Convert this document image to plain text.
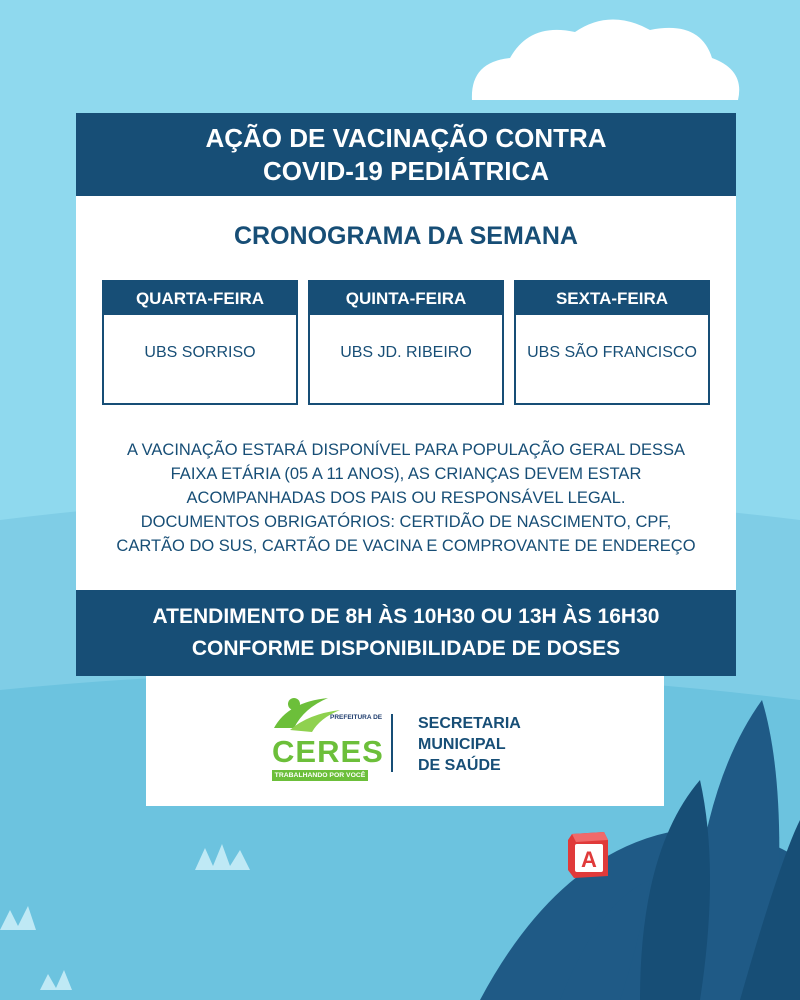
AÇÃO DE VACINAÇÃO CONTRA
COVID-19 PEDIÁTRICA
CRONOGRAMA DA SEMANA
QUARTA-FEIRA
UBS SORRISO
QUINTA-FEIRA
UBS JD. RIBEIRO
SEXTA-FEIRA
UBS SÃO FRANCISCO
A VACINAÇÃO ESTARÁ DISPONÍVEL PARA POPULAÇÃO GERAL DESSA
FAIXA ETÁRIA (05 A 11 ANOS), AS CRIANÇAS DEVEM ESTAR
ACOMPANHADAS DOS PAIS OU RESPONSÁVEL LEGAL.
DOCUMENTOS OBRIGATÓRIOS: CERTIDÃO DE NASCIMENTO, CPF,
CARTÃO DO SUS, CARTÃO DE VACINA E COMPROVANTE DE ENDEREÇO
ATENDIMENTO DE 8H ÀS 10H30 OU 13H ÀS 16H30
CONFORME DISPONIBILIDADE DE DOSES
PREFEITURA DE
CERES
TRABALHANDO POR VOCÊ
SECRETARIA
MUNICIPAL
DE SAÚDE
A
